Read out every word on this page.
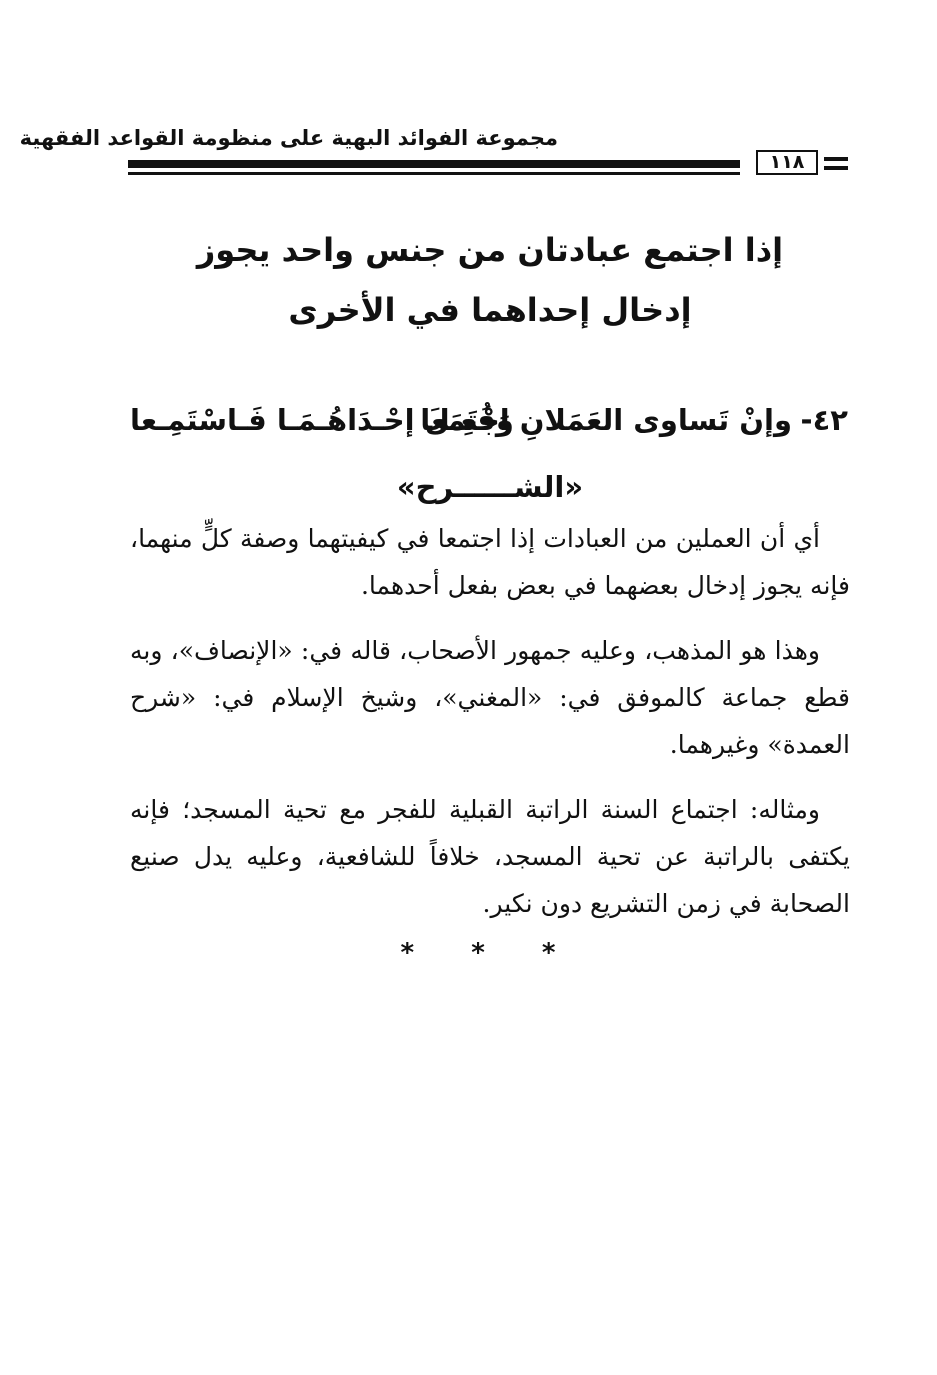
مجموعة الفوائد البهية على منظومة القواعد الفقهية
١١٨
إذا اجتمع عبادتان من جنس واحد يجوز
إدخال إحداهما في الأخرى
٤٢-
وإنْ تَساوى العَمَلانِ اجْتَمَعا
وَفُعِـلَ إحْـدَاهُـمَـا فَـاسْتَمِـعا
«الشــــــرح»

أي أن العملين من العبادات إذا اجتمعا في كيفيتهما وصفة كلٍّ منهما، فإنه يجوز إدخال بعضهما في بعض بفعل أحدهما.

وهذا هو المذهب، وعليه جمهور الأصحاب، قاله في: «الإنصاف»، وبه قطع جماعة كالموفق في: «المغني»، وشيخ الإسلام في: «شرح العمدة» وغيرهما.

ومثاله: اجتماع السنة الراتبة القبلية للفجر مع تحية المسجد؛ فإنه يكتفى بالراتبة عن تحية المسجد، خلافاً للشافعية، وعليه يدل صنيع الصحابة في زمن التشريع دون نكير.

* * *
